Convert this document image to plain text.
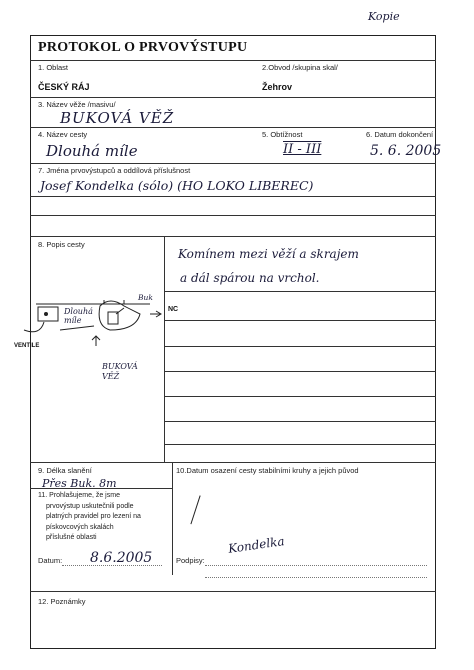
Kopie
PROTOKOL O PRVOVÝSTUPU
1. Oblast	2.Obvod /skupina skal/
ČESKÝ RÁJ	Žehrov
3. Název věže /masivu/
BUKOVÁ VĚŽ
4. Název cesty	5. Obtížnost	6. Datum dokončení
Dlouhá míle	II - III	5. 6. 2005
7. Jména prvovýstupců a oddílová příslušnost
Josef Kondelka (sólo) (HO LOKO LIBEREC)
8. Popis cesty
Komínem mezi věží a skrajem
a dál spárou na vrchol.
Buk
NC
Dlouhá míle
VENTILE
BUKOVÁ VĚŽ
9. Délka slanění
Přes Buk. 8m
10.Datum osazení cesty stabilními kruhy a jejich původ
11. Prohlašujeme, že jsme
prvovýstup uskutečnili podle
platných pravidel pro lezení na
pískovcových skalách
příslušné oblasti
Datum: 8.6.2005	Podpisy:
Kondelka
12. Poznámky
